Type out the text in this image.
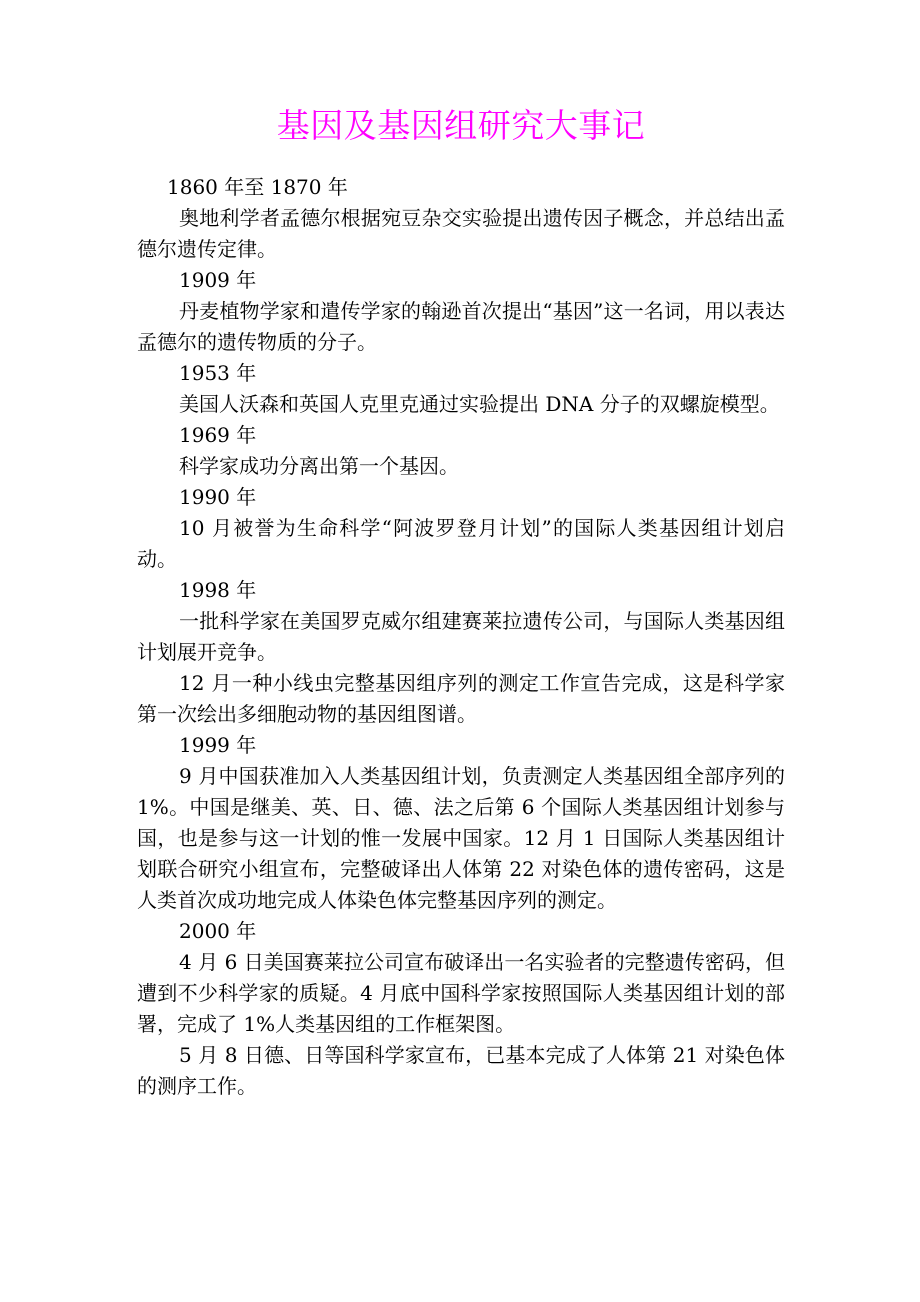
基因及基因组研究大事记

1860 年至 1870 年

奥地利学者孟德尔根据宛豆杂交实验提出遗传因子概念，并总结出孟德尔遗传定律。

1909 年

丹麦植物学家和遣传学家的翰逊首次提出“基因”这一名词，用以表达孟德尔的遗传物质的分子。

1953 年

美国人沃森和英国人克里克通过实验提出 DNA 分子的双螺旋模型。

1969 年

科学家成功分离出第一个基因。

1990 年

10 月被誉为生命科学“阿波罗登月计划”的国际人类基因组计划启动。

1998 年

一批科学家在美国罗克威尔组建赛莱拉遗传公司，与国际人类基因组计划展开竞争。

12 月一种小线虫完整基因组序列的测定工作宣告完成，这是科学家第一次绘出多细胞动物的基因组图谱。

1999 年

9 月中国获准加入人类基因组计划，负责测定人类基因组全部序列的 1%。中国是继美、英、日、德、法之后第 6 个国际人类基因组计划参与国，也是参与这一计划的惟一发展中国家。12 月 1 日国际人类基因组计划联合研究小组宣布，完整破译出人体第 22 对染色体的遗传密码，这是人类首次成功地完成人体染色体完整基因序列的测定。

2000 年

4 月 6 日美国赛莱拉公司宣布破译出一名实验者的完整遗传密码，但遭到不少科学家的质疑。4 月底中国科学家按照国际人类基因组计划的部署，完成了 1%人类基因组的工作框架图。

5 月 8 日德、日等国科学家宣布，已基本完成了人体第 21 对染色体的测序工作。
